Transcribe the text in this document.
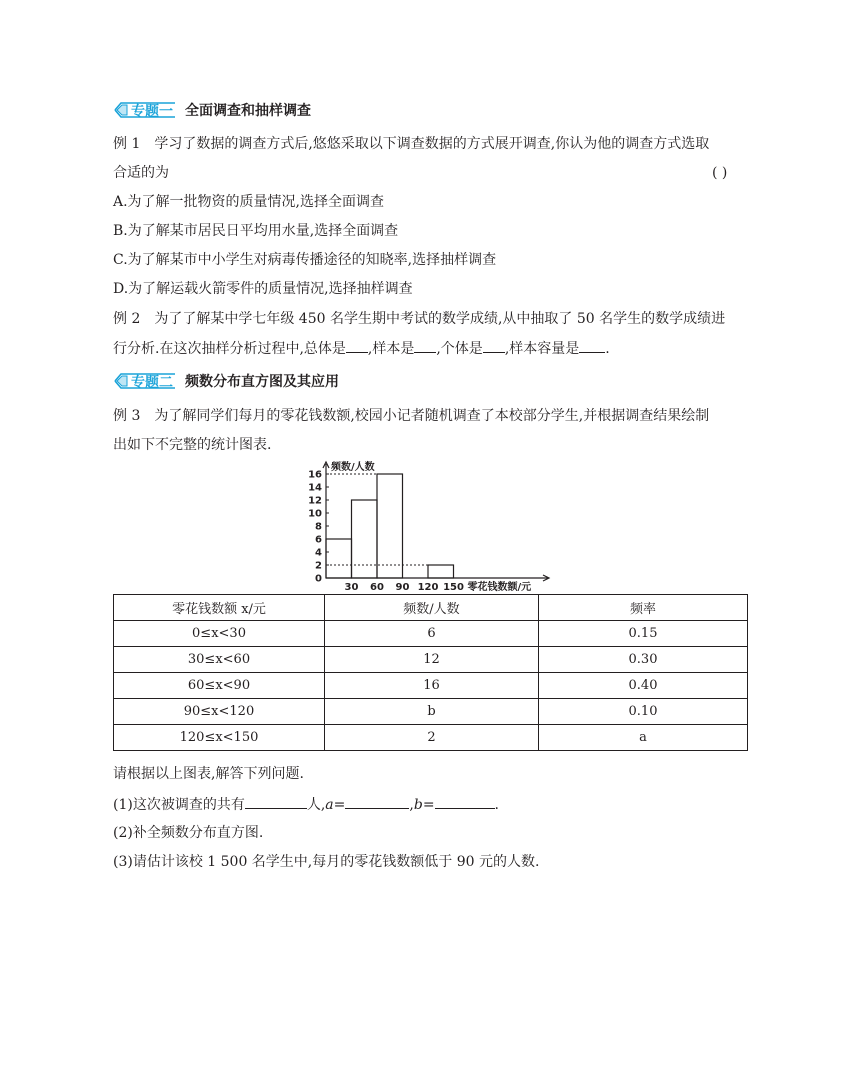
专题一 全面调查和抽样调查
例 1 学习了数据的调查方式后,悠悠采取以下调查数据的方式展开调查,你认为他的调查方式选取
合适的为	( )
A.为了解一批物资的质量情况,选择全面调查
B.为了解某市居民日平均用水量,选择全面调查
C.为了解某市中小学生对病毒传播途径的知晓率,选择抽样调查
D.为了解运载火箭零件的质量情况,选择抽样调查
例 2 为了了解某中学七年级 450 名学生期中考试的数学成绩,从中抽取了 50 名学生的数学成绩进
行分析.在这次抽样分析过程中,总体是 ,样本是 ,个体是 ,样本容量是 .
专题二 频数分布直方图及其应用
例 3 为了解同学们每月的零花钱数额,校园小记者随机调查了本校部分学生,并根据调查结果绘制
出如下不完整的统计图表.
频数/人数
0
2
4
6
8
10
12
14
16
30 60 90 120 150 零花钱数额/元
零花钱数额 x/元	频数/人数	频率
0≤x<30	6	0.15
30≤x<60	12	0.30
60≤x<90	16	0.40
90≤x<120	b	0.10
120≤x<150	2	a
请根据以上图表,解答下列问题.
(1)这次被调查的共有	人,a=	,b=	.
(2)补全频数分布直方图.
(3)请估计该校 1 500 名学生中,每月的零花钱数额低于 90 元的人数.
